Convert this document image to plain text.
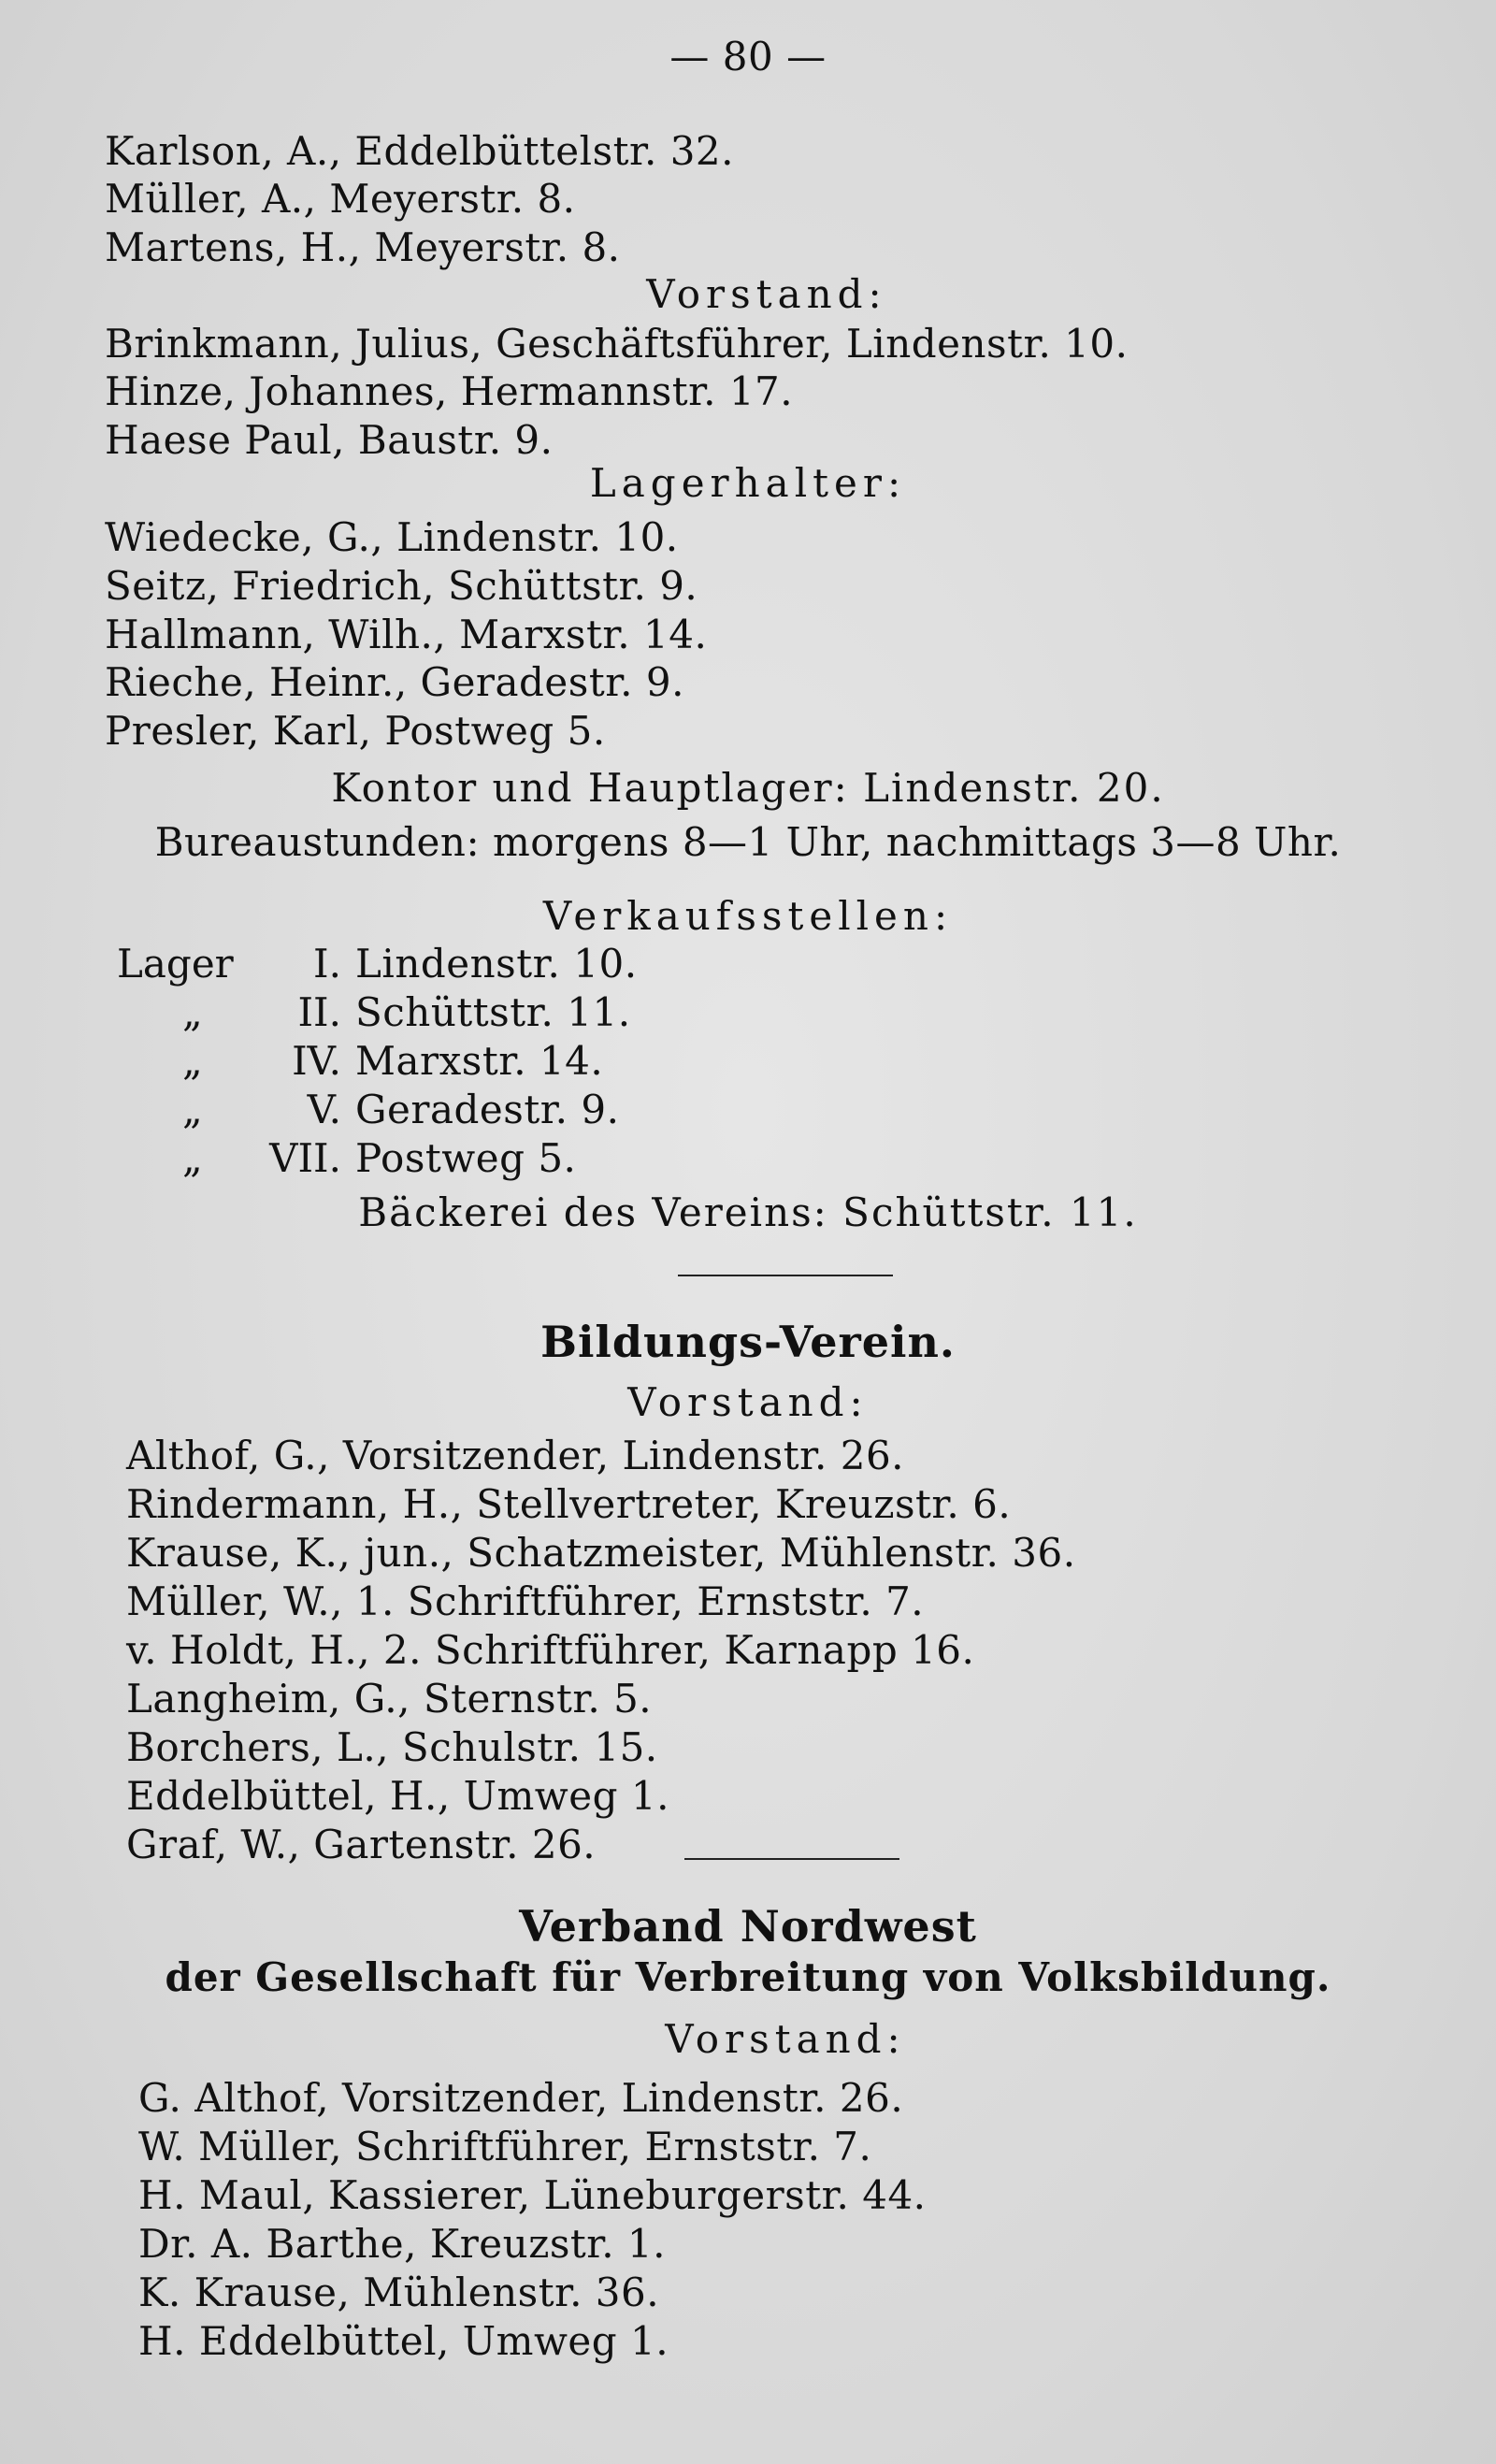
— 80 —
Karlson, A., Eddelbüttelstr. 32.
Müller, A., Meyerstr. 8.
Martens, H., Meyerstr. 8.
Vorstand:
Brinkmann, Julius, Geschäftsführer, Lindenstr. 10.
Hinze, Johannes, Hermannstr. 17.
Haese Paul, Baustr. 9.
Lagerhalter:
Wiedecke, G., Lindenstr. 10.
Seitz, Friedrich, Schüttstr. 9.
Hallmann, Wilh., Marxstr. 14.
Rieche, Heinr., Geradestr. 9.
Presler, Karl, Postweg 5.
Kontor und Hauptlager: Lindenstr. 20.
Bureaustunden: morgens 8—1 Uhr, nachmittags 3—8 Uhr.
Verkaufsstellen:
Lager I. Lindenstr. 10.
„ II. Schüttstr. 11.
„ IV. Marxstr. 14.
„	V. Geradestr. 9.
„ VII. Postweg 5.
Bäckerei des Vereins: Schüttstr. 11.
Bildungs-Verein.
Vorstand:
Althof, G., Vorsitzender, Lindenstr. 26.
Rindermann, H., Stellvertreter, Kreuzstr. 6.
Krause, K., jun., Schatzmeister, Mühlenstr. 36.
Müller, W., 1. Schriftführer, Ernststr. 7.
v. Holdt, H., 2. Schriftführer, Karnapp 16.
Langheim, G., Sternstr. 5.
Borchers, L., Schulstr. 15.
Eddelbüttel, H., Umweg 1.
Graf, W., Gartenstr. 26.
Verband Nordwest
der Gesellschaft für Verbreitung von Volksbildung.
Vorstand:
G. Althof, Vorsitzender, Lindenstr. 26.
W. Müller, Schriftführer, Ernststr. 7.
H. Maul, Kassierer, Lüneburgerstr. 44.
Dr. A. Barthe, Kreuzstr. 1.
K. Krause, Mühlenstr. 36.
H. Eddelbüttel, Umweg 1.
